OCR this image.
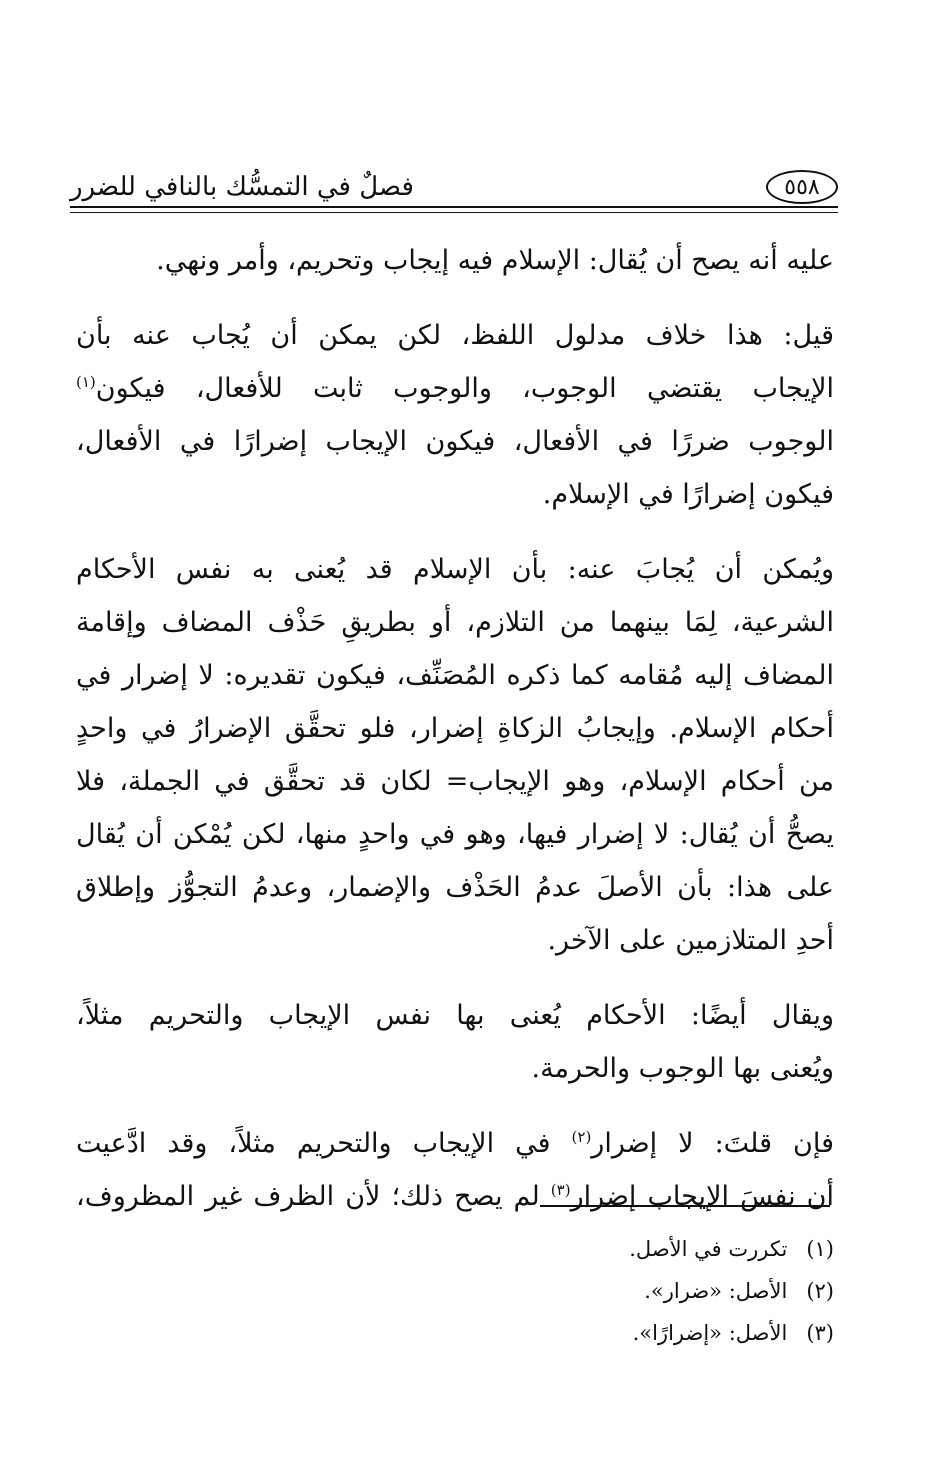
٥٥٨
فصلٌ في التمسُّك بالنافي للضرر
عليه أنه يصح أن يُقال: الإسلام فيه إيجاب وتحريم، وأمر ونهي.
قيل: هذا خلاف مدلول اللفظ، لكن يمكن أن يُجاب عنه بأن
الإيجاب يقتضي الوجوب، والوجوب ثابت للأفعال، فيكون$^{(١)}$
الوجوب ضررًا في الأفعال، فيكون الإيجاب إضرارًا في الأفعال،
فيكون إضرارًا في الإسلام.
ويُمكن أن يُجابَ عنه: بأن الإسلام قد يُعنى به نفس الأحكام
الشرعية، لِمَا بينهما من التلازم، أو بطريقِ حَذْف المضاف وإقامة
المضاف إليه مُقامه كما ذكره المُصَنِّف، فيكون تقديره: لا إضرار في
أحكام الإسلام. وإيجابُ الزكاةِ إضرار، فلو تحقَّق الإضرارُ في واحدٍ
من أحكام الإسلام، وهو الإيجاب= لكان قد تحقَّق في الجملة، فلا
يصحُّ أن يُقال: لا إضرار فيها، وهو في واحدٍ منها، لكن يُمْكن أن يُقال
على هذا: بأن الأصلَ عدمُ الحَذْف والإضمار، وعدمُ التجوُّز وإطلاق
أحدِ المتلازمين على الآخر.
ويقال أيضًا: الأحكام يُعنى بها نفس الإيجاب والتحريم مثلاً،
ويُعنى بها الوجوب والحرمة.
فإن قلتَ: لا إضرار$^{(٢)}$ في الإيجاب والتحريم مثلاً، وقد ادَّعيت
أن نفسَ الإيجاب إضرار$^{(٣)}$ لم يصح ذلك؛ لأن الظرف غير المظروف،
(١) تكررت في الأصل.
(٢) الأصل: «ضرار».
(٣) الأصل: «إضرارًا».
